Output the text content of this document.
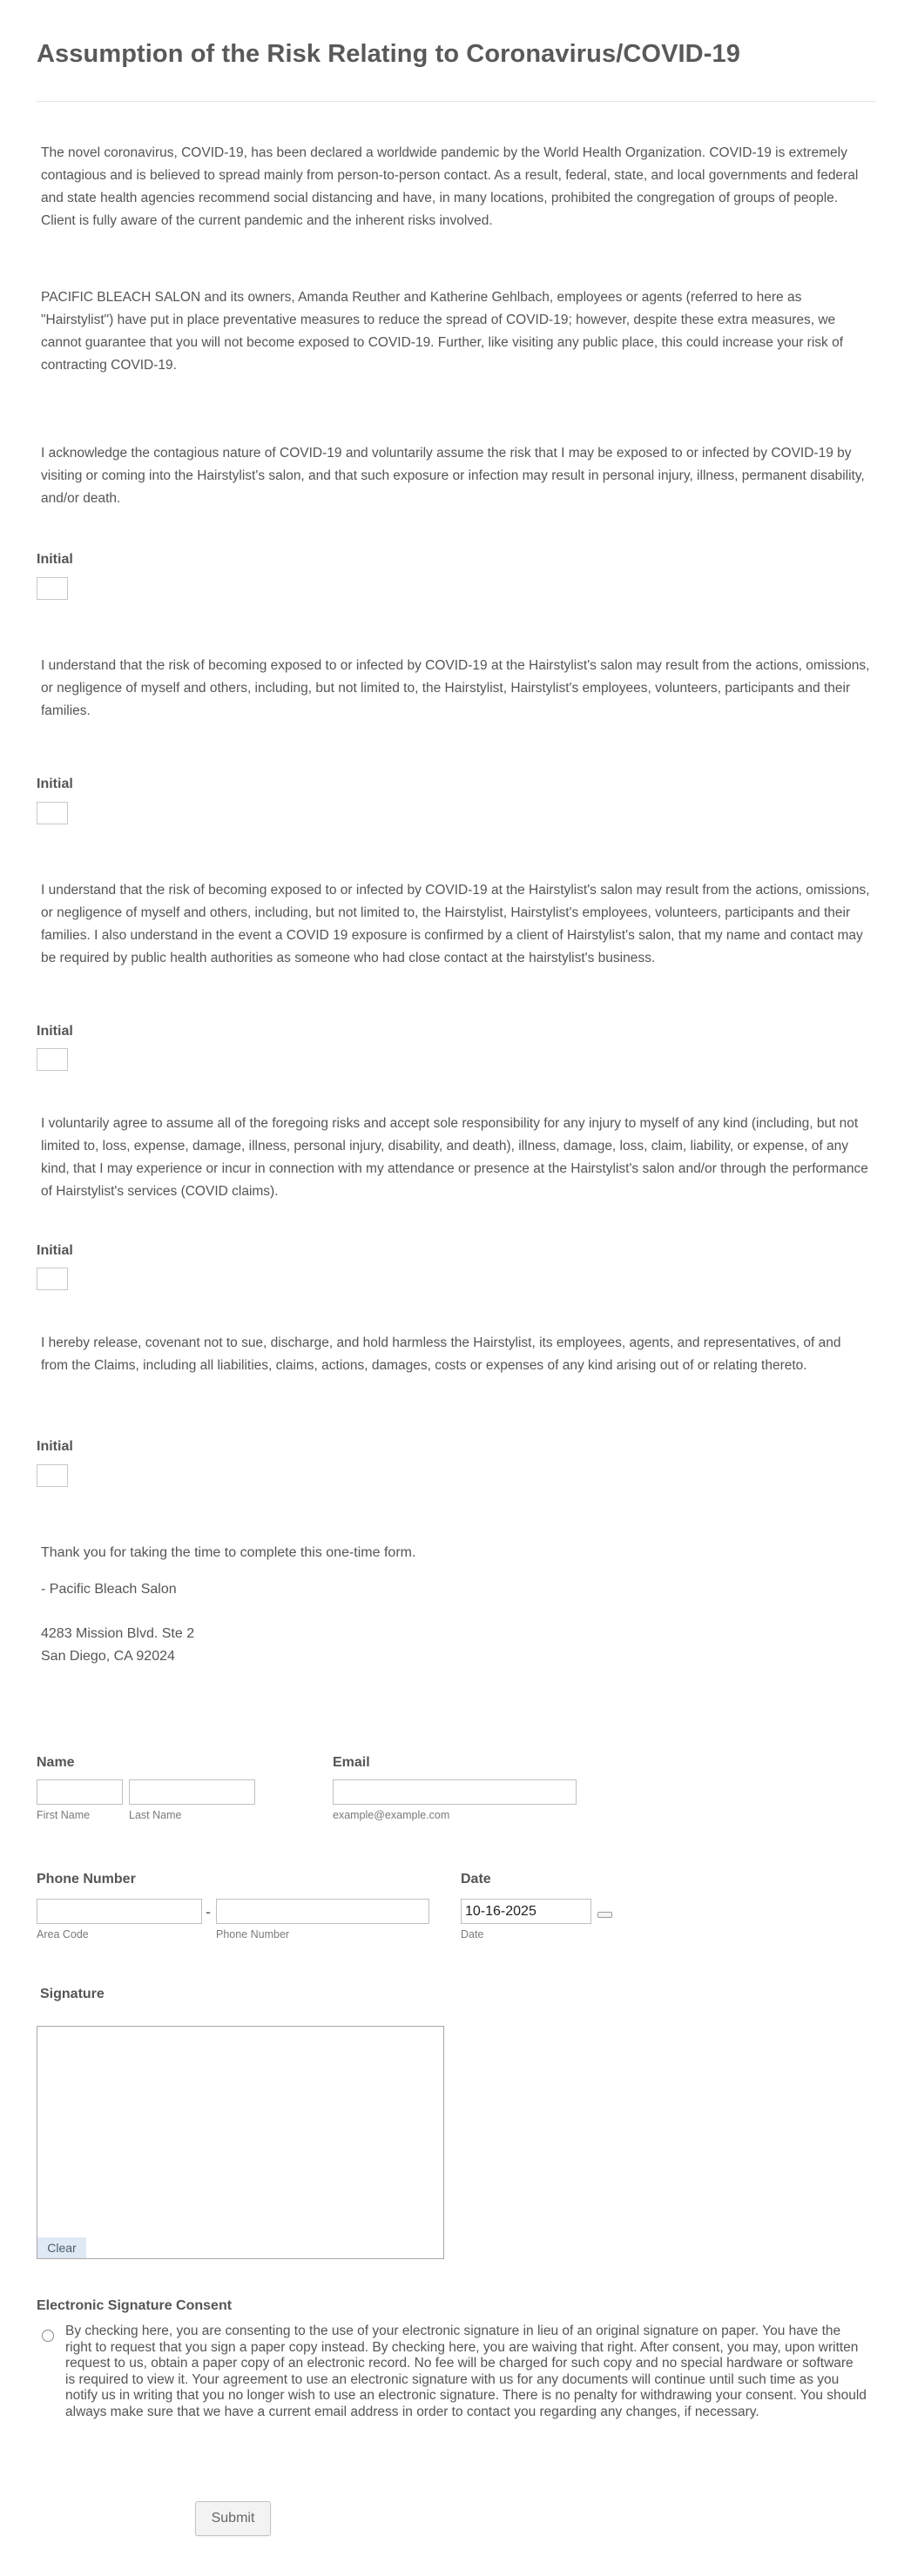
Assumption of the Risk Relating to Coronavirus/COVID-19

The novel coronavirus, COVID-19, has been declared a worldwide pandemic by the World Health Organization. COVID-19 is extremely contagious and is believed to spread mainly from person-to-person contact. As a result, federal, state, and local governments and federal and state health agencies recommend social distancing and have, in many locations, prohibited the congregation of groups of people. Client is fully aware of the current pandemic and the inherent risks involved.

PACIFIC BLEACH SALON and its owners, Amanda Reuther and Katherine Gehlbach, employees or agents (referred to here as "Hairstylist") have put in place preventative measures to reduce the spread of COVID-19; however, despite these extra measures, we cannot guarantee that you will not become exposed to COVID-19. Further, like visiting any public place, this could increase your risk of contracting COVID-19.

I acknowledge the contagious nature of COVID-19 and voluntarily assume the risk that I may be exposed to or infected by COVID-19 by visiting or coming into the Hairstylist's salon, and that such exposure or infection may result in personal injury, illness, permanent disability, and/or death.

Initial

I understand that the risk of becoming exposed to or infected by COVID-19 at the Hairstylist's salon may result from the actions, omissions, or negligence of myself and others, including, but not limited to, the Hairstylist, Hairstylist's employees, volunteers, participants and their families.

Initial

I understand that the risk of becoming exposed to or infected by COVID-19 at the Hairstylist's salon may result from the actions, omissions, or negligence of myself and others, including, but not limited to, the Hairstylist, Hairstylist's employees, volunteers, participants and their families. I also understand in the event a COVID 19 exposure is confirmed by a client of Hairstylist's salon, that my name and contact may be required by public health authorities as someone who had close contact at the hairstylist's business.

Initial

I voluntarily agree to assume all of the foregoing risks and accept sole responsibility for any injury to myself of any kind (including, but not limited to, loss, expense, damage, illness, personal injury, disability, and death), illness, damage, loss, claim, liability, or expense, of any kind, that I may experience or incur in connection with my attendance or presence at the Hairstylist's salon and/or through the performance of Hairstylist's services (COVID claims).

Initial

I hereby release, covenant not to sue, discharge, and hold harmless the Hairstylist, its employees, agents, and representatives, of and from the Claims, including all liabilities, claims, actions, damages, costs or expenses of any kind arising out of or relating thereto.

Initial
Thank you for taking the time to complete this one-time form.
- Pacific Bleach Salon
4283 Mission Blvd. Ste 2
San Diego, CA 92024
Name
First Name	Last Name
Email
example@example.com
Phone Number
-
Area Code	Phone Number
Date
10-16-2025
Date
Signature
Clear
Electronic Signature Consent
By checking here, you are consenting to the use of your electronic signature in lieu of an original signature on paper. You have the right to request that you sign a paper copy instead. By checking here, you are waiving that right. After consent, you may, upon written request to us, obtain a paper copy of an electronic record. No fee will be charged for such copy and no special hardware or software is required to view it. Your agreement to use an electronic signature with us for any documents will continue until such time as you notify us in writing that you no longer wish to use an electronic signature. There is no penalty for withdrawing your consent. You should always make sure that we have a current email address in order to contact you regarding any changes, if necessary.
Submit
